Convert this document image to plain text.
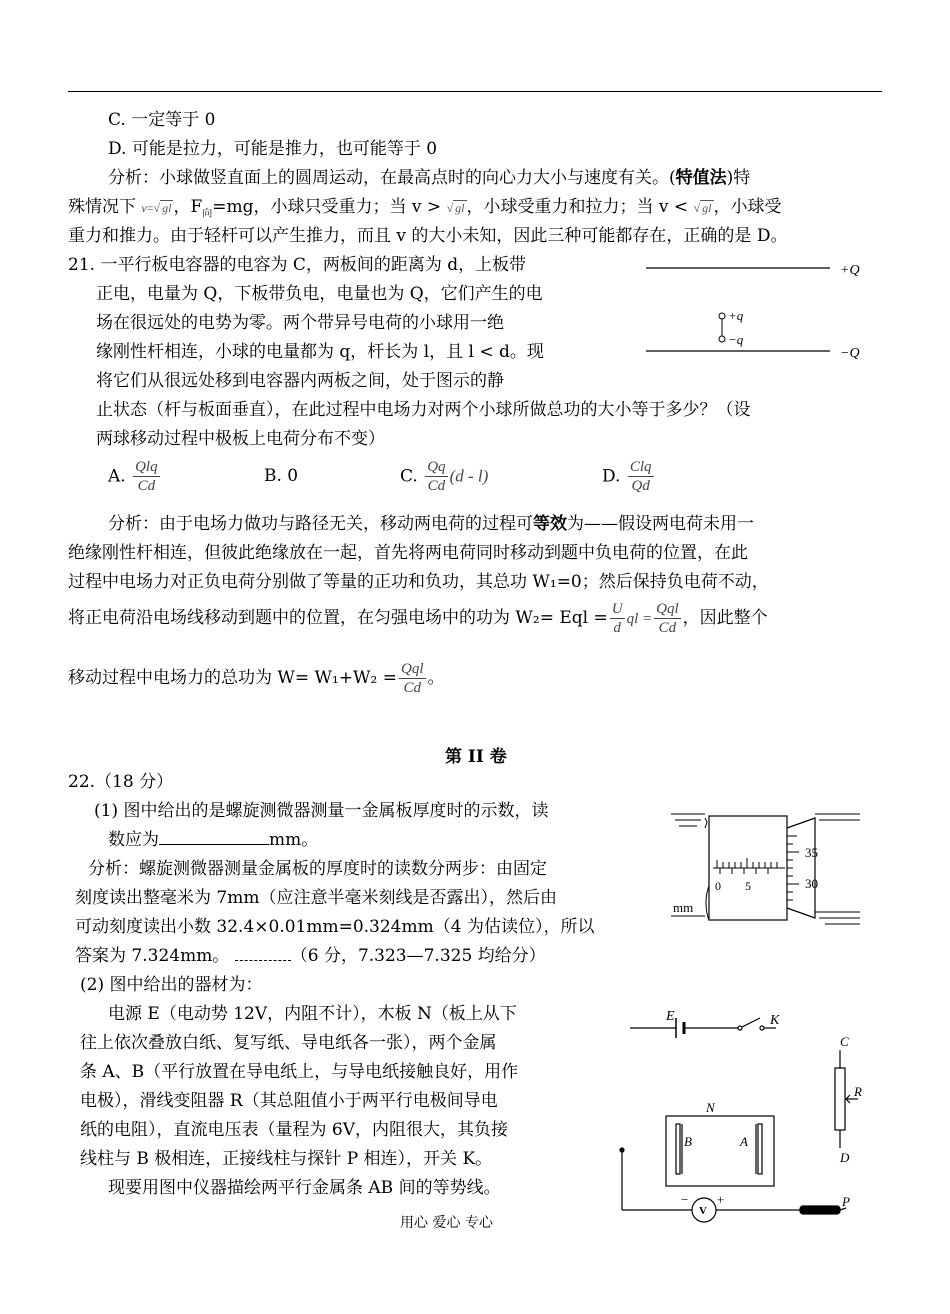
C. 一定等于 0
D. 可能是拉力，可能是推力，也可能等于 0
分析：小球做竖直面上的圆周运动，在最高点时的向心力大小与速度有关。(特值法)特
殊情况下 v=√ gl ，$F_向=mg$，小球只受重力；当 v > √ gl ，小球受重力和拉力；当 v < √ gl ，小球受
重力和推力。由于轻杆可以产生推力，而且 v 的大小未知，因此三种可能都存在，正确的是 D。
21. 一平行板电容器的电容为 C，两板间的距离为 d，上板带
正电，电量为 Q，下板带负电，电量也为 Q，它们产生的电
场在很远处的电势为零。两个带异号电荷的小球用一绝
缘刚性杆相连，小球的电量都为 q，杆长为 l，且 l < d。现
将它们从很远处移到电容器内两板之间，处于图示的静
止状态（杆与板面垂直），在此过程中电场力对两个小球所做总功的大小等于多少？（设
两球移动过程中极板上电荷分布不变）
+Q
+q
−q
−Q
A. $\frac{\text{Qlq}}{Cd}$	B. 0	C. $\frac{Qq}{Cd} (d - l)$	D. $\frac{\text{Clq}}{Qd}$
分析：由于电场力做功与路径无关，移动两电荷的过程可等效为——假设两电荷未用一
绝缘刚性杆相连，但彼此绝缘放在一起，首先将两电荷同时移动到题中负电荷的位置，在此
过程中电场力对正负电荷分别做了等量的正功和负功，其总功 W₁=0；然后保持负电荷不动，
将正电荷沿电场线移动到题中的位置，在匀强电场中的功为 W₂= Eql = $\frac{U}{d}$ ql = $\frac{\text{Qql}}{Cd}$ ，因此整个
移动过程中电场力的总功为 $W= W_1+W_2 = \frac{\text{Qql}}{Cd}$ 。
第 II 卷
22.（18 分）
(1) 图中给出的是螺旋测微器测量一金属板厚度时的示数，读
数应为	mm。
分析：螺旋测微器测量金属板的厚度时的读数分两步：由固定
刻度读出整毫米为 7mm（应注意半毫米刻线是否露出），然后由
可动刻度读出小数 32.4×0.01mm=0.324mm（4 为估读位），所以
答案为 7.324mm。	（6 分，7.323—7.325 均给分）
mm
0 5
35
30
(2) 图中给出的器材为：
电源 E（电动势 12V，内阻不计），木板 N（板上从下
往上依次叠放白纸、复写纸、导电纸各一张），两个金属
条 A、B（平行放置在导电纸上，与导电纸接触良好，用作
电极），滑线变阻器 R（其总阻值小于两平行电极间导电
纸的电阻），直流电压表（量程为 6V，内阻很大，其负接
线柱与 B 极相连，正接线柱与探针 P 相连），开关 K。
现要用图中仪器描绘两平行金属条 AB 间的等势线。
E	K
C
R
D
N
B	A
V
− +	P
用心 爱心 专心
